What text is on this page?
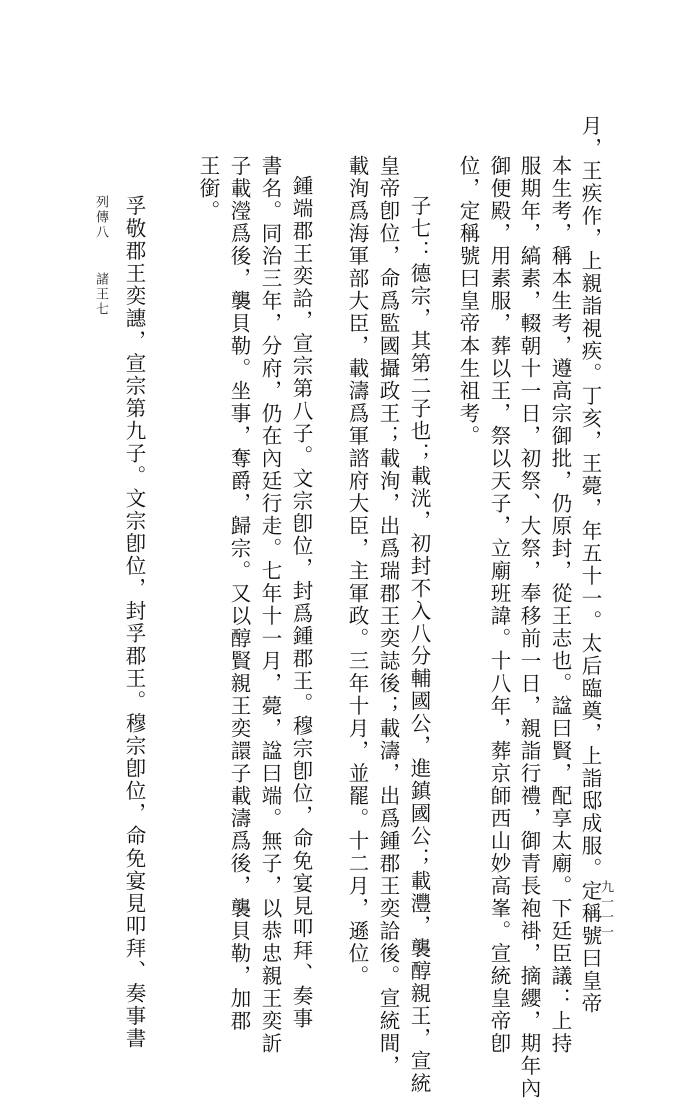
月，王疾作，上親詣視疾。丁亥，王薨，年五十一。太后臨奠，上詣邸成服。定稱號曰皇帝
本生考，稱本生考，遵高宗御批，仍原封，從王志也。諡曰賢，配享太廟。下廷臣議：上持
服期年，縞素，輟朝十一日，初祭、大祭，奉移前一日，親詣行禮，御青長袍褂，摘纓，期年內
御便殿，用素服，葬以王，祭以天子，立廟班諱。十八年，葬京師西山妙高峯。宣統皇帝卽
位，定稱號曰皇帝本生祖考。
子七：德宗，其第二子也；載洸，初封不入八分輔國公，進鎮國公；載灃，襲醇親王，宣統
皇帝卽位，命爲監國攝政王；載洵，出爲瑞郡王奕誌後；載濤，出爲鍾郡王奕詥後。宣統間，
載洵爲海軍部大臣，載濤爲軍諮府大臣，主軍政。三年十月，並罷。十二月，遜位。
鍾端郡王奕詥，宣宗第八子。文宗卽位，封爲鍾郡王。穆宗卽位，命免宴見叩拜、奏事
書名。同治三年，分府，仍在內廷行走。七年十一月，薨，諡曰端。無子，以恭忠親王奕訢
子載瀅爲後，襲貝勒。坐事，奪爵，歸宗。又以醇賢親王奕譞子載濤爲後，襲貝勒，加郡
王銜。
孚敬郡王奕譓，宣宗第九子。文宗卽位，封孚郡王。穆宗卽位，命免宴見叩拜、奏事書
列傳八
諸王七
九一一一
